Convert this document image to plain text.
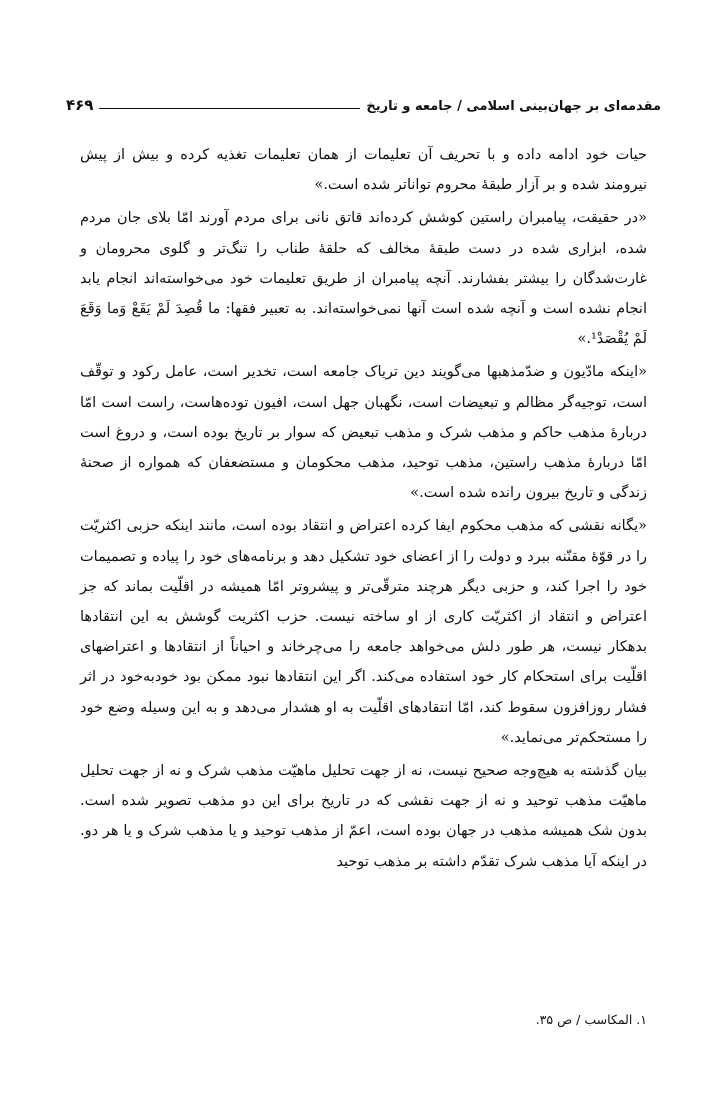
مقدمه‌ای بر جهان‌بینی اسلامی / جامعه و تاریخ
۴۶۹

حیات خود ادامه داده و با تحریف آن تعلیمات از همان تعلیمات تغذیه کرده و بیش از پیش نیرومند شده و بر آزار طبقهٔ محروم تواناتر شده است.»

«در حقیقت، پیامبران راستین کوشش کرده‌اند قاتق نانی برای مردم آورند امّا بلای جان مردم شده، ابزاری شده در دست طبقهٔ مخالف که حلقهٔ طناب را تنگ‌تر و گلوی محرومان و غارت‌شدگان را بیشتر بفشارند. آنچه پیامبران از طریق تعلیمات خود می‌خواسته‌اند انجام یابد انجام نشده است و آنچه شده است آنها نمی‌خواسته‌اند. به تعبیر فقها: ما قُصِدَ لَمْ یَقَعْ وَما وَقَعَ لَمْ یُقْصَدْ¹.»

«اینکه مادّیون و ضدّمذهبها می‌گویند دین تریاک جامعه است، تخدیر است، عامل رکود و توقّف است، توجیه‌گر مظالم و تبعیضات است، نگهبان جهل است، افیون توده‌هاست، راست است امّا دربارهٔ مذهب حاکم و مذهب شرک و مذهب تبعیض که سوار بر تاریخ بوده است، و دروغ است امّا دربارهٔ مذهب راستین، مذهب توحید، مذهب محکومان و مستضعفان که همواره از صحنهٔ زندگی و تاریخ بیرون رانده شده است.»

«یگانه نقشی که مذهب محکوم ایفا کرده اعتراض و انتقاد بوده است، مانند اینکه حزبی اکثریّت را در قوّهٔ مقنّنه ببرد و دولت را از اعضای خود تشکیل دهد و برنامه‌های خود را پیاده و تصمیمات خود را اجرا کند، و حزبی دیگر هرچند مترقّی‌تر و پیشروتر امّا همیشه در اقلّیت بماند که جز اعتراض و انتقاد از اکثریّت کاری از او ساخته نیست. حزب اکثریت گوشش به این انتقادها بدهکار نیست، هر طور دلش می‌خواهد جامعه را می‌چرخاند و احیاناً از انتقادها و اعتراضهای اقلّیت برای استحکام کار خود استفاده می‌کند. اگر این انتقادها نبود ممکن بود خودبه‌خود در اثر فشار روزافزون سقوط کند، امّا انتقادهای اقلّیت به او هشدار می‌دهد و به این وسیله وضع خود را مستحکم‌تر می‌نماید.»

بیان گذشته به هیچ‌وجه صحیح نیست، نه از جهت تحلیل ماهیّت مذهب شرک و نه از جهت تحلیل ماهیّت مذهب توحید و نه از جهت نقشی که در تاریخ برای این دو مذهب تصویر شده است. بدون شک همیشه مذهب در جهان بوده است، اعمّ از مذهب توحید و یا مذهب شرک و یا هر دو. در اینکه آیا مذهب شرک تقدّم داشته بر مذهب توحید

۱. المکاسب / ص ۳۵.
